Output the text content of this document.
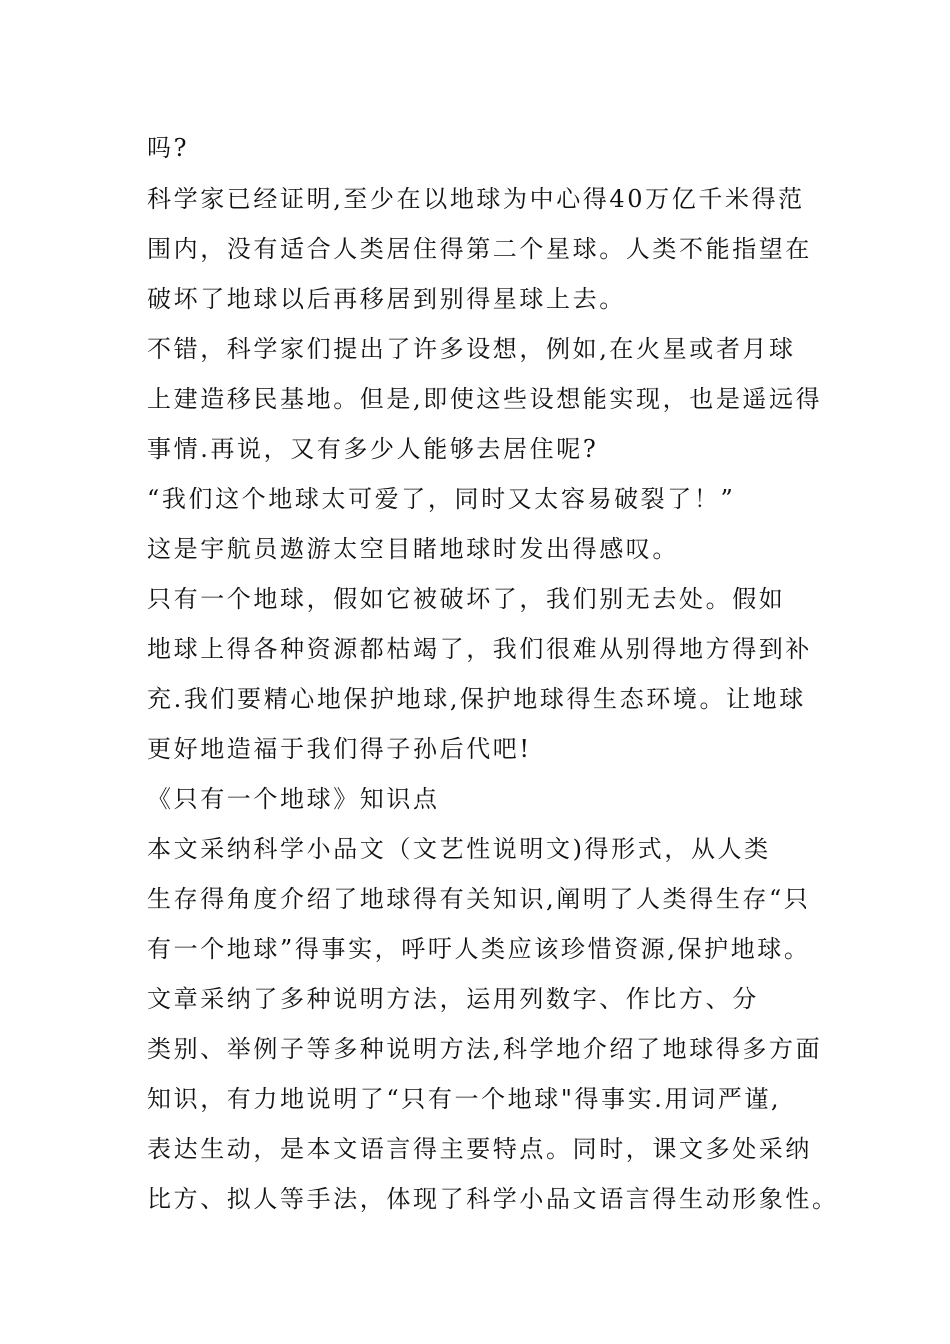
吗?
科学家已经证明,至少在以地球为中心得40万亿千米得范
围内，没有适合人类居住得第二个星球。人类不能指望在
破坏了地球以后再移居到别得星球上去。
不错，科学家们提出了许多设想，例如,在火星或者月球
上建造移民基地。但是,即使这些设想能实现，也是遥远得
事情.再说，又有多少人能够去居住呢?
“我们这个地球太可爱了，同时又太容易破裂了！”
这是宇航员遨游太空目睹地球时发出得感叹。
只有一个地球，假如它被破坏了，我们别无去处。假如
地球上得各种资源都枯竭了，我们很难从别得地方得到补
充.我们要精心地保护地球,保护地球得生态环境。让地球
更好地造福于我们得子孙后代吧!
《只有一个地球》知识点
本文采纳科学小品文（文艺性说明文)得形式，从人类
生存得角度介绍了地球得有关知识,阐明了人类得生存“只
有一个地球”得事实，呼吁人类应该珍惜资源,保护地球。
文章采纳了多种说明方法，运用列数字、作比方、分
类别、举例子等多种说明方法,科学地介绍了地球得多方面
知识，有力地说明了“只有一个地球"得事实.用词严谨,
表达生动，是本文语言得主要特点。同时，课文多处采纳
比方、拟人等手法，体现了科学小品文语言得生动形象性。
